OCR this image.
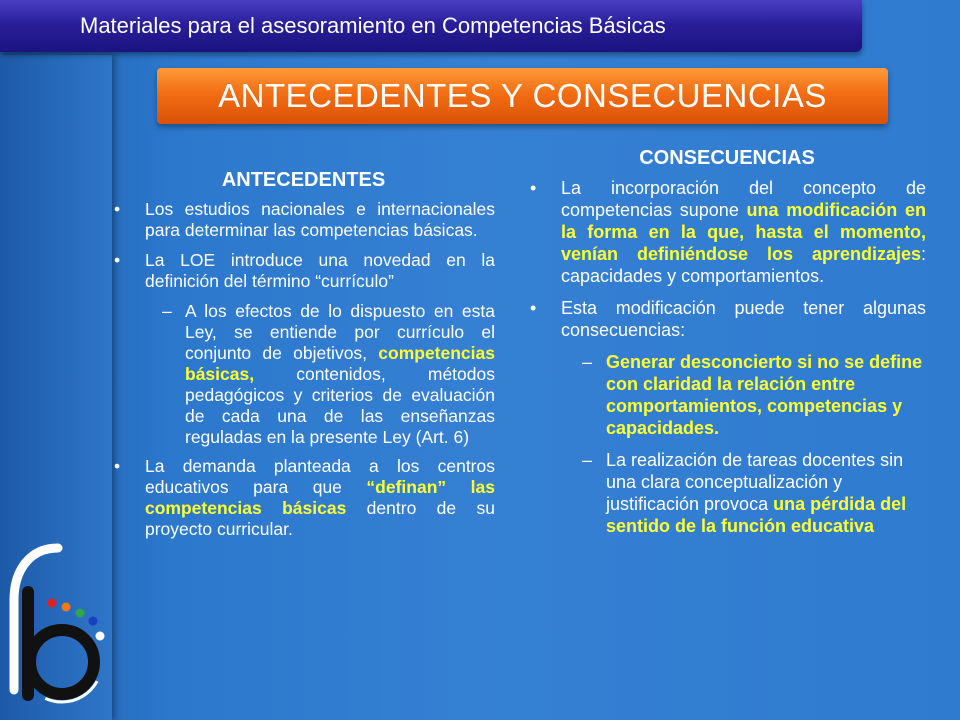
Materiales para el asesoramiento en Competencias Básicas
ANTECEDENTES Y CONSECUENCIAS
ANTECEDENTES
• Los estudios nacionales e internacionales para determinar las competencias básicas.
• La LOE introduce una novedad en la definición del término “currículo”
– A los efectos de lo dispuesto en esta Ley, se entiende por currículo el conjunto de objetivos, competencias básicas, contenidos, métodos pedagógicos y criterios de evaluación de cada una de las enseñanzas reguladas en la presente Ley (Art. 6)
• La demanda planteada a los centros educativos para que “definan” las competencias básicas dentro de su proyecto curricular.
CONSECUENCIAS
• La incorporación del concepto de competencias supone una modificación en la forma en la que, hasta el momento, venían definiéndose los aprendizajes: capacidades y comportamientos.
• Esta modificación puede tener algunas consecuencias:
– Generar desconcierto si no se define con claridad la relación entre comportamientos, competencias y capacidades.
– La realización de tareas docentes sin una clara conceptualización y justificación provoca una pérdida del sentido de la función educativa
